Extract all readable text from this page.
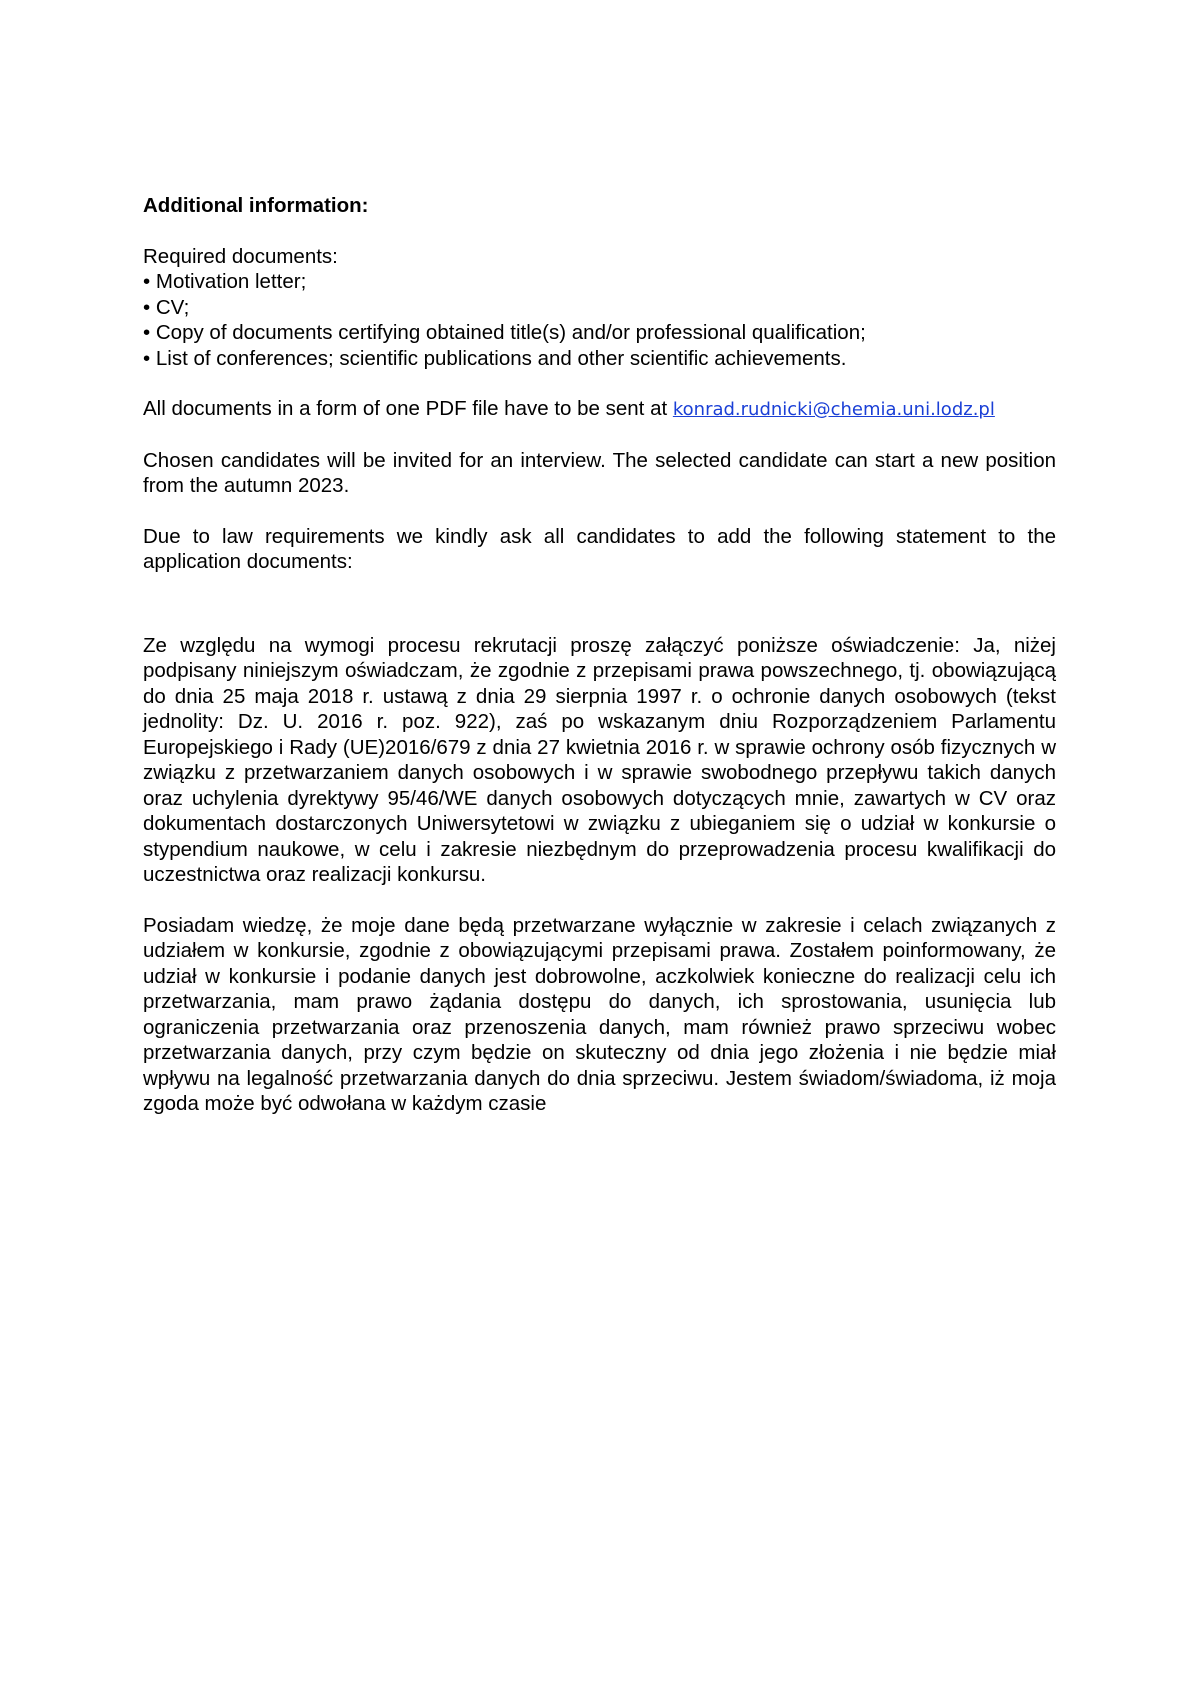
Additional information:
Required documents:
• Motivation letter;
• CV;
• Copy of documents certifying obtained title(s) and/or professional qualification;
• List of conferences; scientific publications and other scientific achievements.
All documents in a form of one PDF file have to be sent at konrad.rudnicki@chemia.uni.lodz.pl
Chosen candidates will be invited for an interview. The selected candidate can start a new position from the autumn 2023.
Due to law requirements we kindly ask all candidates to add the following statement to the application documents:
Ze względu na wymogi procesu rekrutacji proszę załączyć poniższe oświadczenie: Ja, niżej podpisany niniejszym oświadczam, że zgodnie z przepisami prawa powszechnego, tj. obowiązującą do dnia 25 maja 2018 r. ustawą z dnia 29 sierpnia 1997 r. o ochronie danych osobowych (tekst jednolity: Dz. U. 2016 r. poz. 922), zaś po wskazanym dniu Rozporządzeniem Parlamentu Europejskiego i Rady (UE)2016/679 z dnia 27 kwietnia 2016 r. w sprawie ochrony osób fizycznych w związku z przetwarzaniem danych osobowych i w sprawie swobodnego przepływu takich danych oraz uchylenia dyrektywy 95/46/WE danych osobowych dotyczących mnie, zawartych w CV oraz dokumentach dostarczonych Uniwersytetowi w związku z ubieganiem się o udział w konkursie o stypendium naukowe, w celu i zakresie niezbędnym do przeprowadzenia procesu kwalifikacji do uczestnictwa oraz realizacji konkursu.
Posiadam wiedzę, że moje dane będą przetwarzane wyłącznie w zakresie i celach związanych z udziałem w konkursie, zgodnie z obowiązującymi przepisami prawa. Zostałem poinformowany, że udział w konkursie i podanie danych jest dobrowolne, aczkolwiek konieczne do realizacji celu ich przetwarzania, mam prawo żądania dostępu do danych, ich sprostowania, usunięcia lub ograniczenia przetwarzania oraz przenoszenia danych, mam również prawo sprzeciwu wobec przetwarzania danych, przy czym będzie on skuteczny od dnia jego złożenia i nie będzie miał wpływu na legalność przetwarzania danych do dnia sprzeciwu. Jestem świadom/świadoma, iż moja zgoda może być odwołana w każdym czasie
